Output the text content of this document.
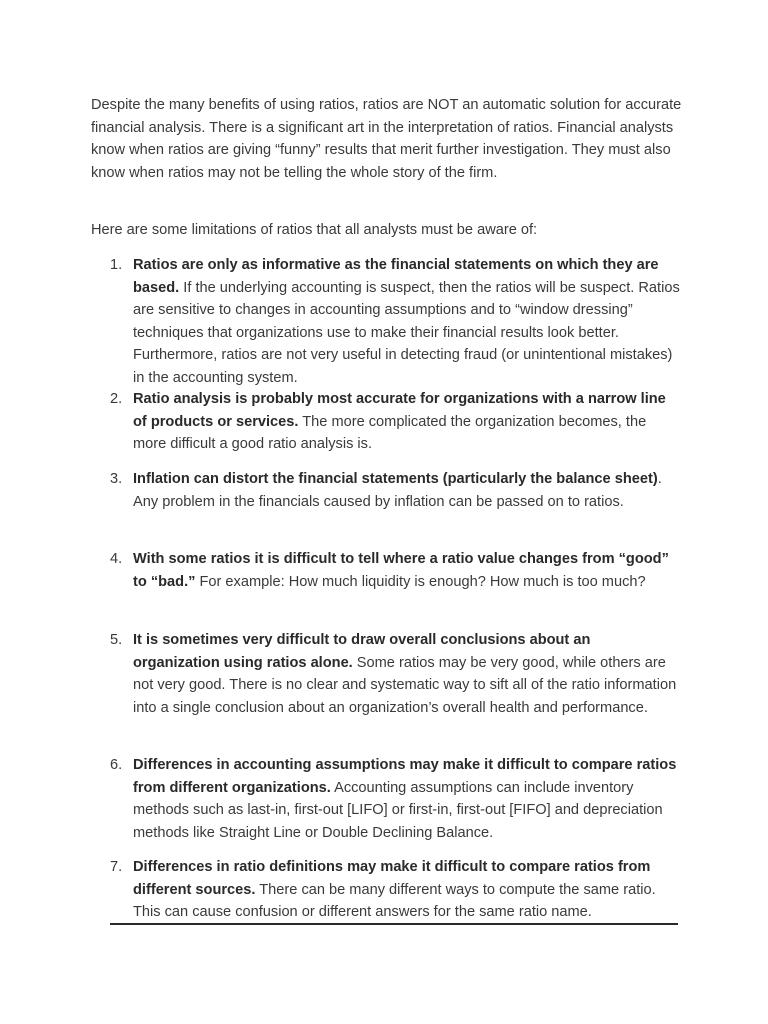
Despite the many benefits of using ratios, ratios are NOT an automatic solution for accurate financial analysis. There is a significant art in the interpretation of ratios. Financial analysts know when ratios are giving “funny” results that merit further investigation. They must also know when ratios may not be telling the whole story of the firm.

Here are some limitations of ratios that all analysts must be aware of:

1. Ratios are only as informative as the financial statements on which they are based. If the underlying accounting is suspect, then the ratios will be suspect. Ratios are sensitive to changes in accounting assumptions and to “window dressing” techniques that organizations use to make their financial results look better. Furthermore, ratios are not very useful in detecting fraud (or unintentional mistakes) in the accounting system.
2. Ratio analysis is probably most accurate for organizations with a narrow line of products or services. The more complicated the organization becomes, the more difficult a good ratio analysis is.
3. Inflation can distort the financial statements (particularly the balance sheet). Any problem in the financials caused by inflation can be passed on to ratios.
4. With some ratios it is difficult to tell where a ratio value changes from “good” to “bad.” For example: How much liquidity is enough? How much is too much?
5. It is sometimes very difficult to draw overall conclusions about an organization using ratios alone. Some ratios may be very good, while others are not very good. There is no clear and systematic way to sift all of the ratio information into a single conclusion about an organization’s overall health and performance.
6. Differences in accounting assumptions may make it difficult to compare ratios from different organizations. Accounting assumptions can include inventory methods such as last-in, first-out [LIFO] or first-in, first-out [FIFO] and depreciation methods like Straight Line or Double Declining Balance.
7. Differences in ratio definitions may make it difficult to compare ratios from different sources. There can be many different ways to compute the same ratio. This can cause confusion or different answers for the same ratio name.
